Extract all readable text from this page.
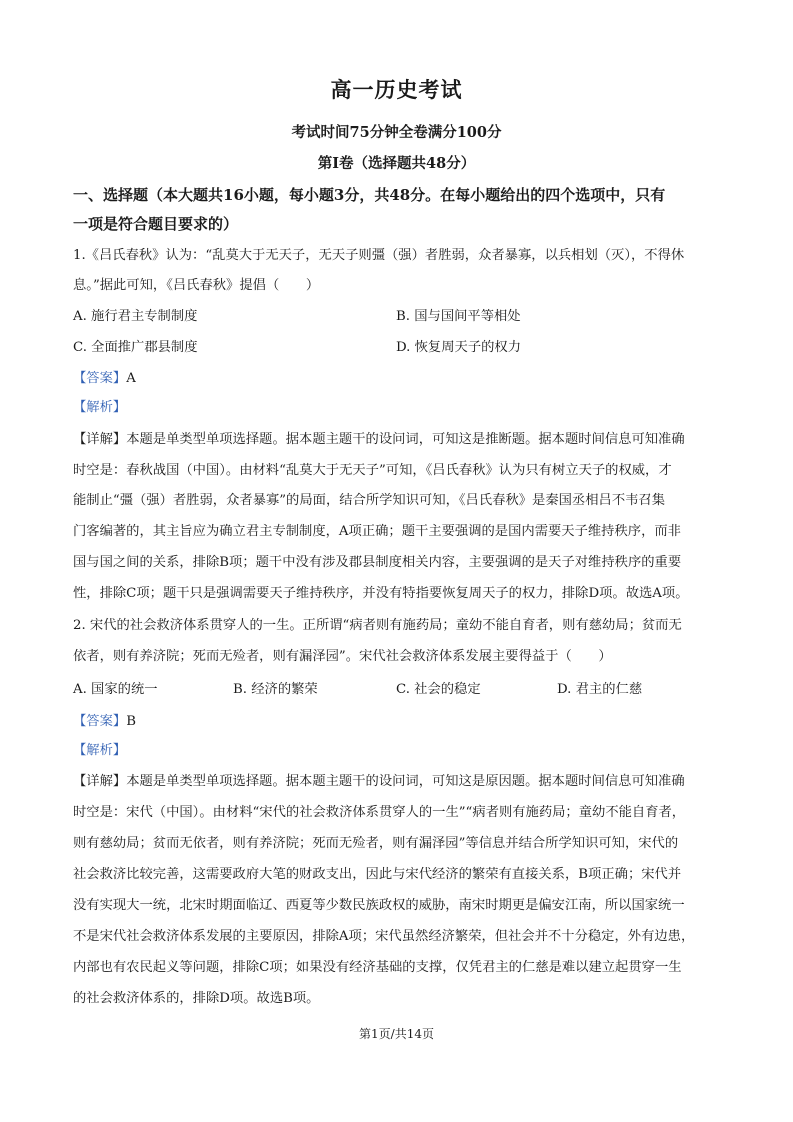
高一历史考试
考试时间75分钟全卷满分100分
第Ⅰ卷（选择题共48分）
一、选择题（本大题共16小题，每小题3分，共48分。在每小题给出的四个选项中，只有
一项是符合题目要求的）
1.《吕氏春秋》认为：“乱莫大于无天子，无天子则彊（强）者胜弱，众者暴寡，以兵相划（灭），不得休
息。”据此可知，《吕氏春秋》提倡（　　）
A. 施行君主专制制度	B. 国与国间平等相处
C. 全面推广郡县制度	D. 恢复周天子的权力
【答案】A
【解析】
【详解】本题是单类型单项选择题。据本题主题干的设问词，可知这是推断题。据本题时间信息可知准确
时空是：春秋战国（中国）。由材料“乱莫大于无天子”可知，《吕氏春秋》认为只有树立天子的权威，才
能制止“彊（强）者胜弱，众者暴寡”的局面，结合所学知识可知，《吕氏春秋》是秦国丞相吕不韦召集
门客编著的，其主旨应为确立君主专制制度，A项正确；题干主要强调的是国内需要天子维持秩序，而非
国与国之间的关系，排除B项；题干中没有涉及郡县制度相关内容，主要强调的是天子对维持秩序的重要
性，排除C项；题干只是强调需要天子维持秩序，并没有特指要恢复周天子的权力，排除D项。故选A项。
2. 宋代的社会救济体系贯穿人的一生。正所谓“病者则有施药局；童幼不能自育者，则有慈幼局；贫而无
依者，则有养济院；死而无殓者，则有漏泽园”。宋代社会救济体系发展主要得益于（　　）
A. 国家的统一	B. 经济的繁荣	C. 社会的稳定	D. 君主的仁慈
【答案】B
【解析】
【详解】本题是单类型单项选择题。据本题主题干的设问词，可知这是原因题。据本题时间信息可知准确
时空是：宋代（中国）。由材料“宋代的社会救济体系贯穿人的一生”“病者则有施药局；童幼不能自育者，
则有慈幼局；贫而无依者，则有养济院；死而无殓者，则有漏泽园”等信息并结合所学知识可知，宋代的
社会救济比较完善，这需要政府大笔的财政支出，因此与宋代经济的繁荣有直接关系，B项正确；宋代并
没有实现大一统，北宋时期面临辽、西夏等少数民族政权的威胁，南宋时期更是偏安江南，所以国家统一
不是宋代社会救济体系发展的主要原因，排除A项；宋代虽然经济繁荣，但社会并不十分稳定，外有边患，
内部也有农民起义等问题，排除C项；如果没有经济基础的支撑，仅凭君主的仁慈是难以建立起贯穿一生
的社会救济体系的，排除D项。故选B项。
第1页/共14页
